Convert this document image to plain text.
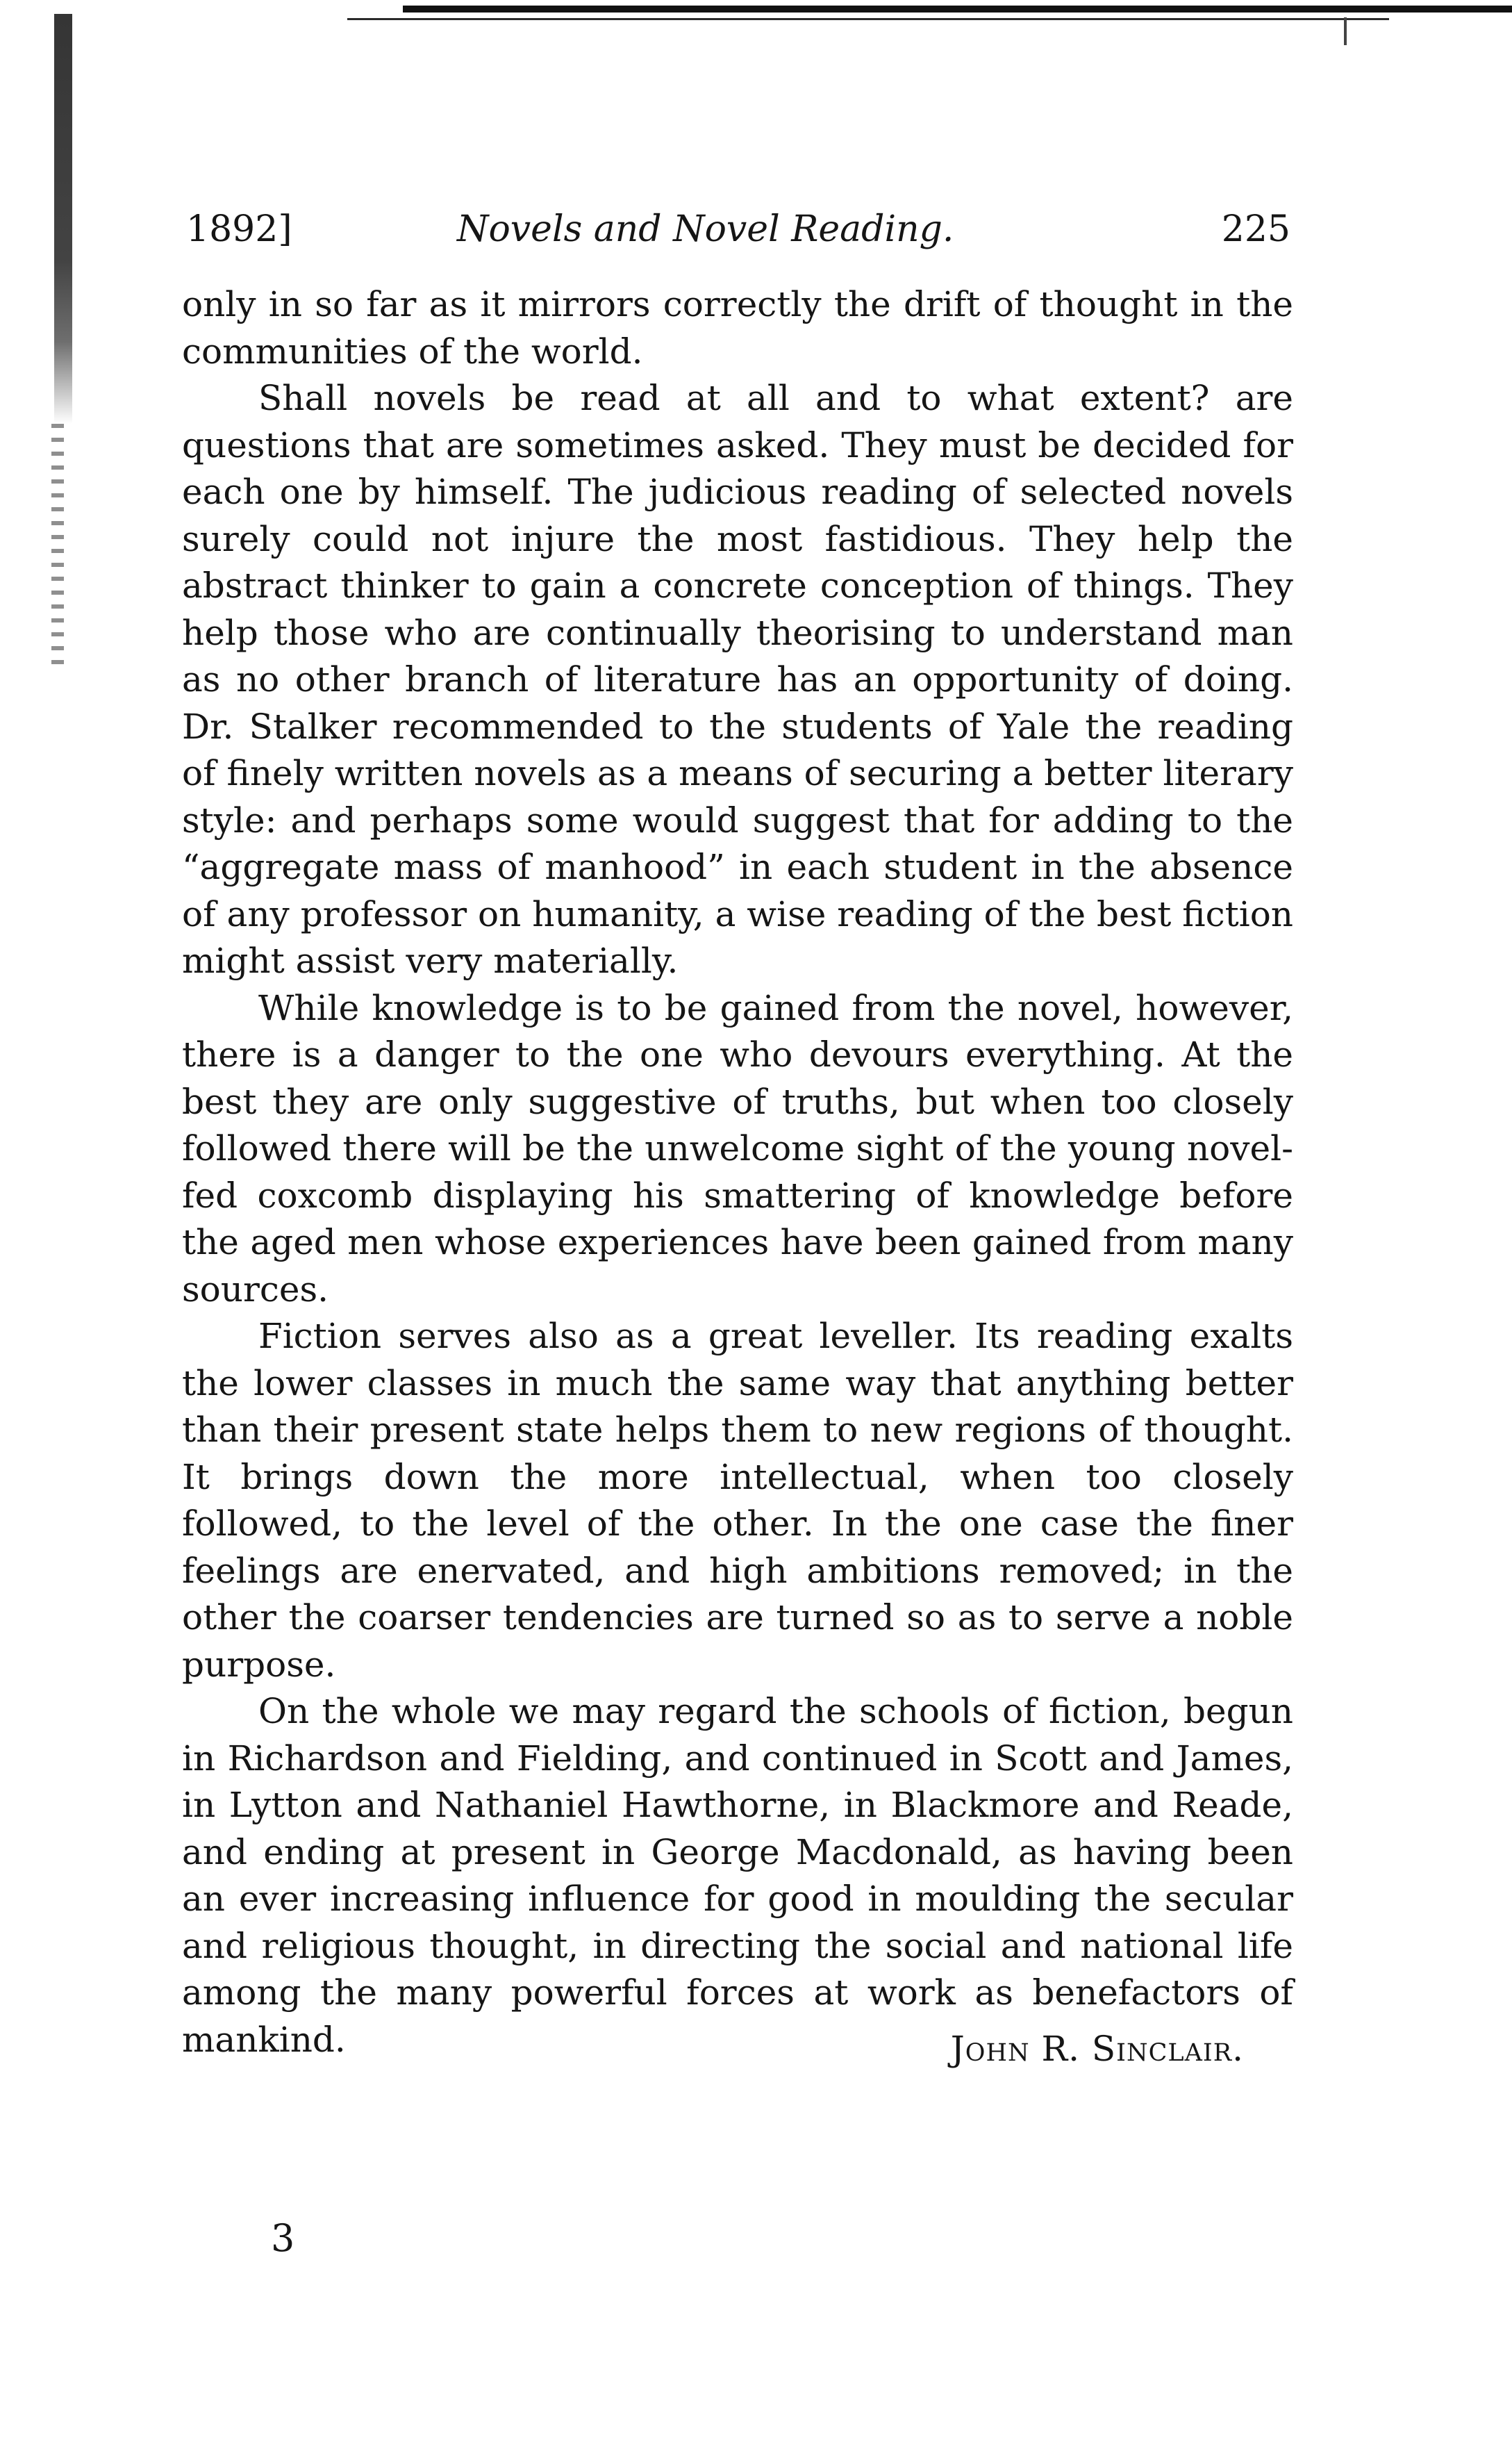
1892]	Novels and Novel Reading.	225

only in so far as it mirrors correctly the drift of thought in the communities of the world.

Shall novels be read at all and to what extent? are questions that are sometimes asked. They must be decided for each one by himself. The judicious reading of selected novels surely could not injure the most fastidious. They help the abstract thinker to gain a concrete conception of things. They help those who are continually theorising to understand man as no other branch of literature has an opportunity of doing. Dr. Stalker recommended to the students of Yale the reading of finely written novels as a means of securing a better literary style: and perhaps some would suggest that for adding to the “aggregate mass of manhood” in each student in the absence of any professor on humanity, a wise reading of the best fiction might assist very materially.

While knowledge is to be gained from the novel, however, there is a danger to the one who devours everything. At the best they are only suggestive of truths, but when too closely followed there will be the unwelcome sight of the young novel-fed coxcomb displaying his smattering of knowledge before the aged men whose experiences have been gained from many sources.

Fiction serves also as a great leveller. Its reading exalts the lower classes in much the same way that anything better than their present state helps them to new regions of thought. It brings down the more intellectual, when too closely followed, to the level of the other. In the one case the finer feelings are enervated, and high ambitions removed; in the other the coarser tendencies are turned so as to serve a noble purpose.

On the whole we may regard the schools of fiction, begun in Richardson and Fielding, and continued in Scott and James, in Lytton and Nathaniel Hawthorne, in Blackmore and Reade, and ending at present in George Macdonald, as having been an ever increasing influence for good in moulding the secular and religious thought, in directing the social and national life among the many powerful forces at work as benefactors of mankind.	John R. Sinclair.
3
